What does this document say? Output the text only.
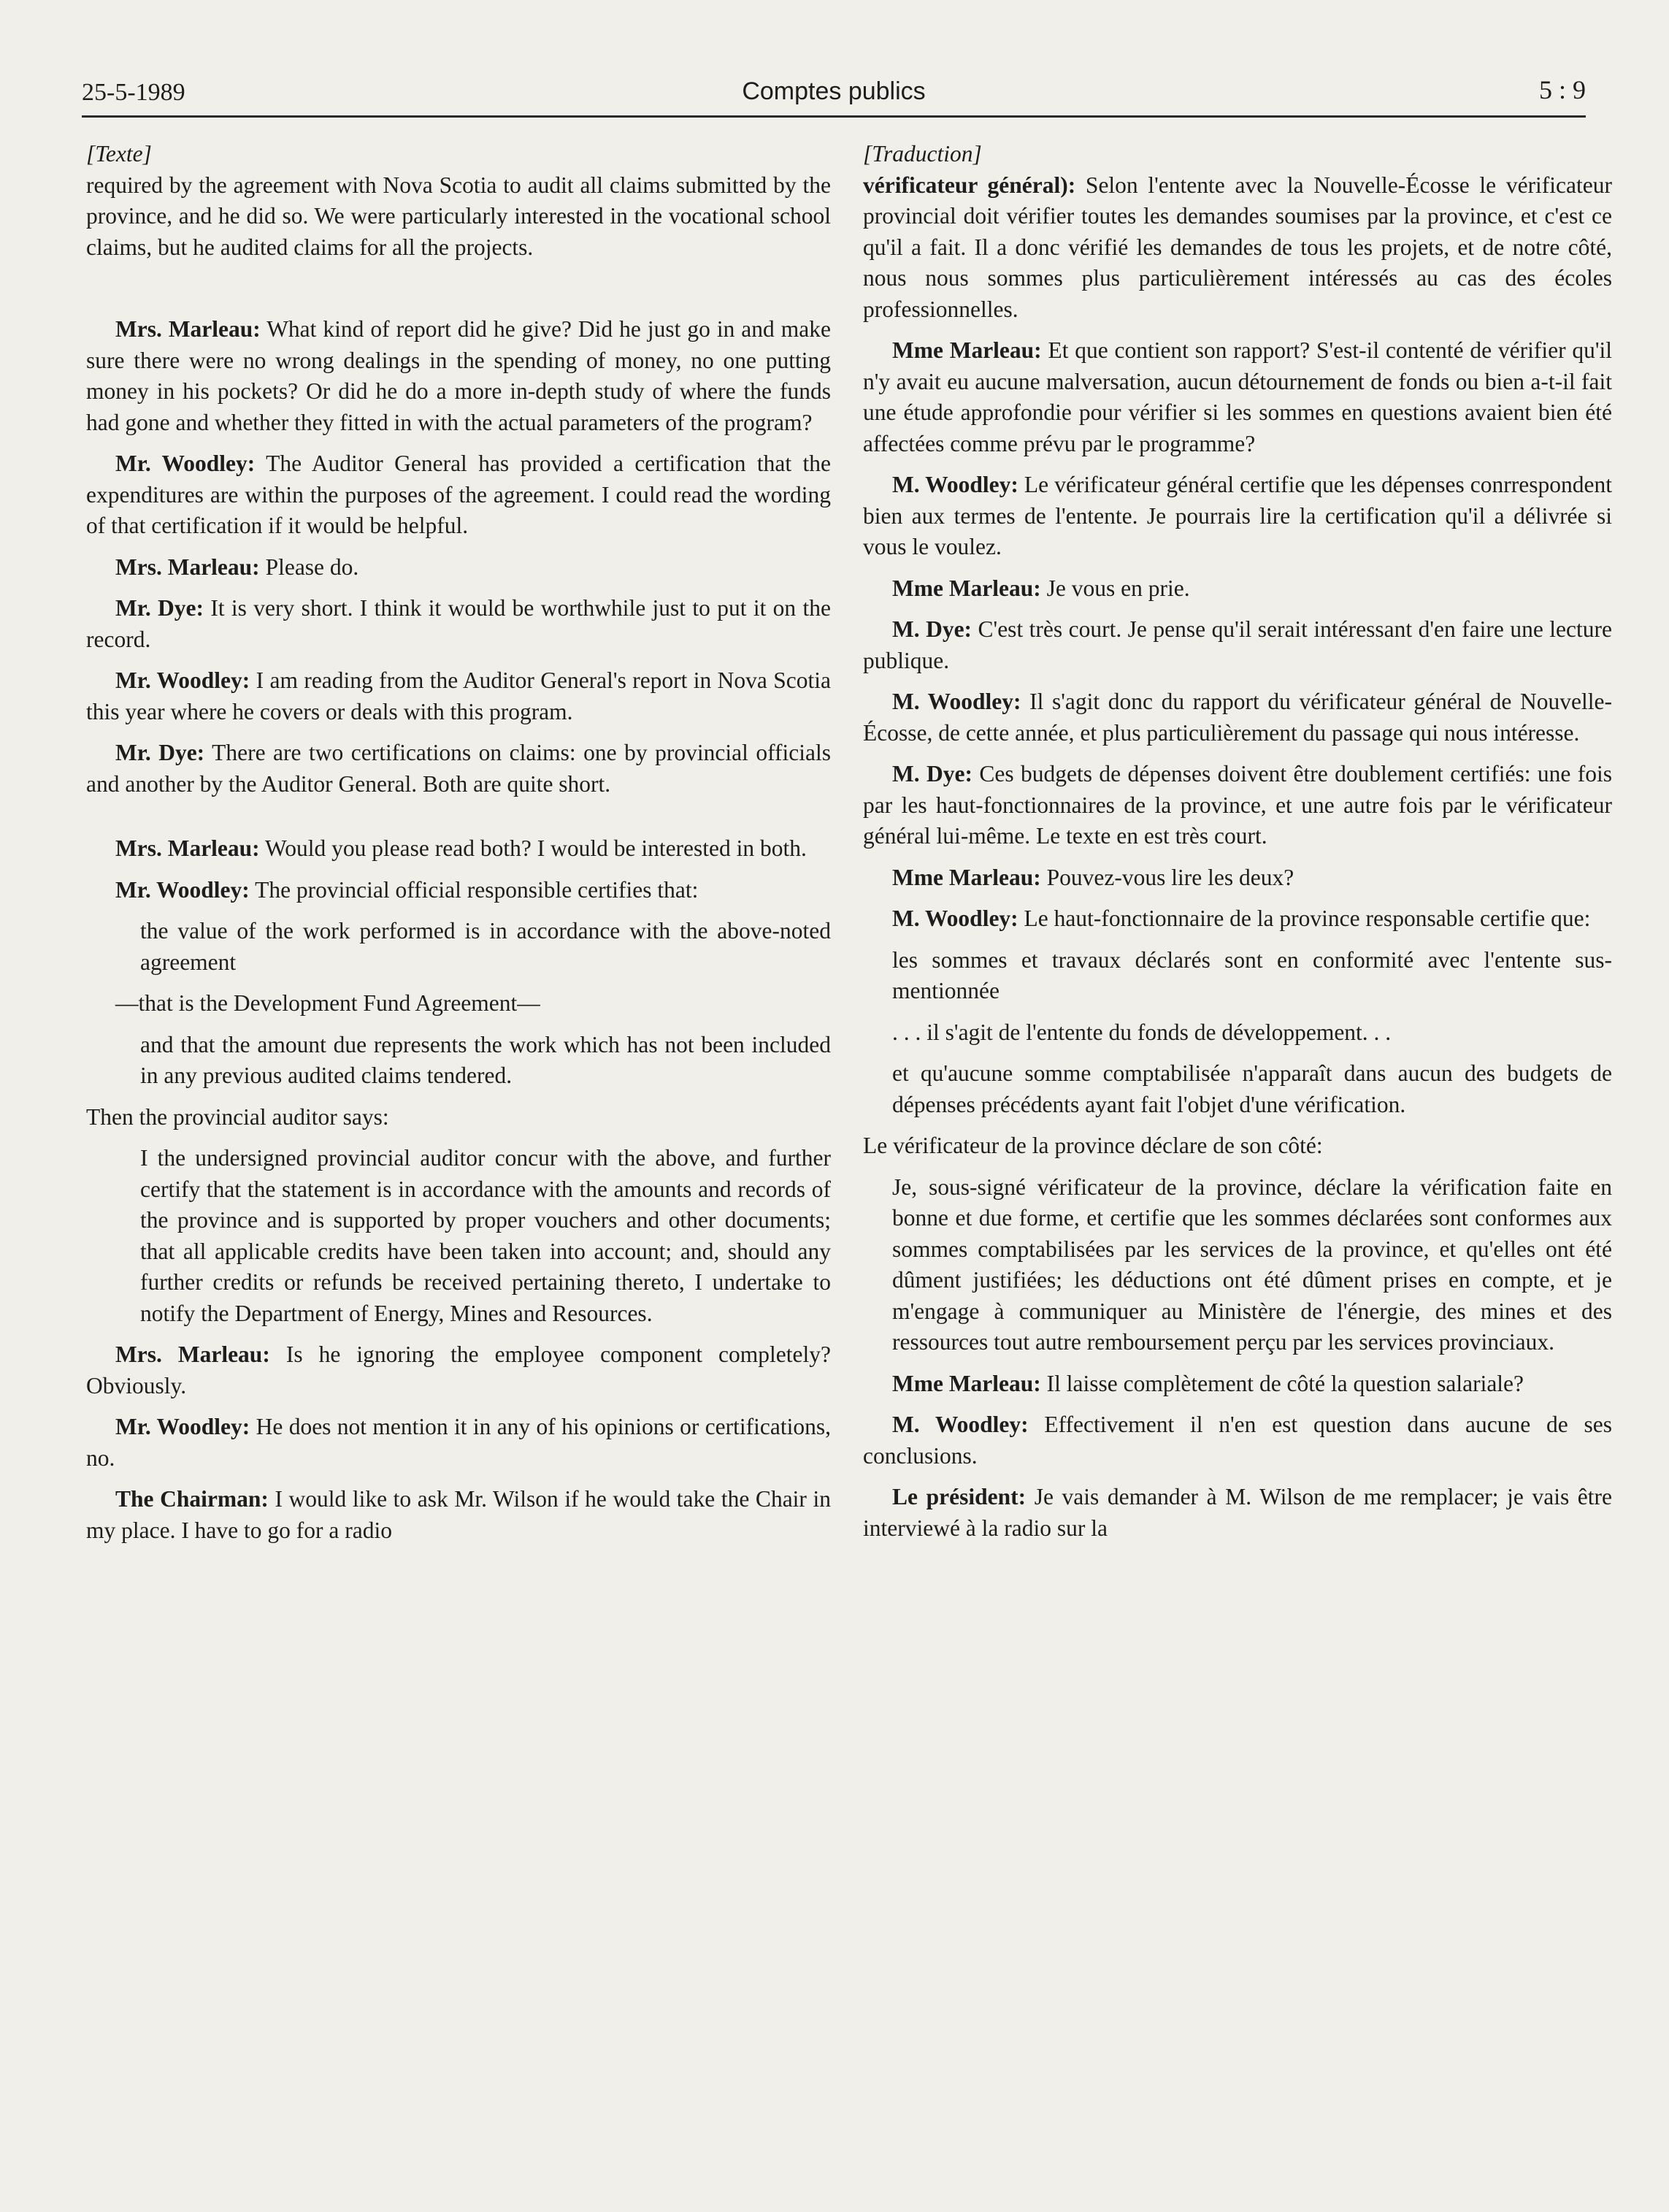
25-5-1989	Comptes publics	5 : 9

[Texte]

required by the agreement with Nova Scotia to audit all claims submitted by the province, and he did so. We were particularly interested in the vocational school claims, but he audited claims for all the projects.

Mrs. Marleau: What kind of report did he give? Did he just go in and make sure there were no wrong dealings in the spending of money, no one putting money in his pockets? Or did he do a more in-depth study of where the funds had gone and whether they fitted in with the actual parameters of the program?

Mr. Woodley: The Auditor General has provided a certification that the expenditures are within the purposes of the agreement. I could read the wording of that certification if it would be helpful.

Mrs. Marleau: Please do.

Mr. Dye: It is very short. I think it would be worthwhile just to put it on the record.

Mr. Woodley: I am reading from the Auditor General's report in Nova Scotia this year where he covers or deals with this program.

Mr. Dye: There are two certifications on claims: one by provincial officials and another by the Auditor General. Both are quite short.

Mrs. Marleau: Would you please read both? I would be interested in both.

Mr. Woodley: The provincial official responsible certifies that:

the value of the work performed is in accordance with the above-noted agreement

—that is the Development Fund Agreement—

and that the amount due represents the work which has not been included in any previous audited claims tendered.

Then the provincial auditor says:

I the undersigned provincial auditor concur with the above, and further certify that the statement is in accordance with the amounts and records of the province and is supported by proper vouchers and other documents; that all applicable credits have been taken into account; and, should any further credits or refunds be received pertaining thereto, I undertake to notify the Department of Energy, Mines and Resources.

Mrs. Marleau: Is he ignoring the employee component completely? Obviously.

Mr. Woodley: He does not mention it in any of his opinions or certifications, no.

The Chairman: I would like to ask Mr. Wilson if he would take the Chair in my place. I have to go for a radio

[Traduction]

vérificateur général): Selon l'entente avec la Nouvelle-Écosse le vérificateur provincial doit vérifier toutes les demandes soumises par la province, et c'est ce qu'il a fait. Il a donc vérifié les demandes de tous les projets, et de notre côté, nous nous sommes plus particulièrement intéressés au cas des écoles professionnelles.

Mme Marleau: Et que contient son rapport? S'est-il contenté de vérifier qu'il n'y avait eu aucune malversation, aucun détournement de fonds ou bien a-t-il fait une étude approfondie pour vérifier si les sommes en questions avaient bien été affectées comme prévu par le programme?

M. Woodley: Le vérificateur général certifie que les dépenses conrrespondent bien aux termes de l'entente. Je pourrais lire la certification qu'il a délivrée si vous le voulez.

Mme Marleau: Je vous en prie.

M. Dye: C'est très court. Je pense qu'il serait intéressant d'en faire une lecture publique.

M. Woodley: Il s'agit donc du rapport du vérificateur général de Nouvelle-Écosse, de cette année, et plus particulièrement du passage qui nous intéresse.

M. Dye: Ces budgets de dépenses doivent être doublement certifiés: une fois par les haut-fonctionnaires de la province, et une autre fois par le vérificateur général lui-même. Le texte en est très court.

Mme Marleau: Pouvez-vous lire les deux?

M. Woodley: Le haut-fonctionnaire de la province responsable certifie que:

les sommes et travaux déclarés sont en conformité avec l'entente sus-mentionnée

. . . il s'agit de l'entente du fonds de développement. . .

et qu'aucune somme comptabilisée n'apparaît dans aucun des budgets de dépenses précédents ayant fait l'objet d'une vérification.

Le vérificateur de la province déclare de son côté:

Je, sous-signé vérificateur de la province, déclare la vérification faite en bonne et due forme, et certifie que les sommes déclarées sont conformes aux sommes comptabilisées par les services de la province, et qu'elles ont été dûment justifiées; les déductions ont été dûment prises en compte, et je m'engage à communiquer au Ministère de l'énergie, des mines et des ressources tout autre remboursement perçu par les services provinciaux.

Mme Marleau: Il laisse complètement de côté la question salariale?

M. Woodley: Effectivement il n'en est question dans aucune de ses conclusions.

Le président: Je vais demander à M. Wilson de me remplacer; je vais être interviewé à la radio sur la
